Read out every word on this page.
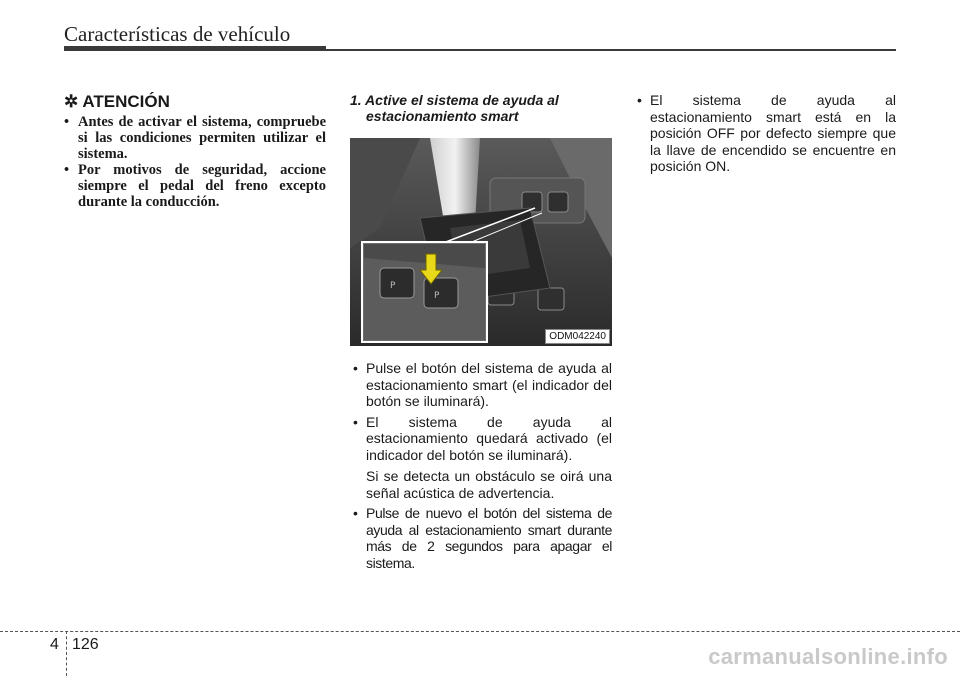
Características de vehículo
✲ ATENCIÓN
• Antes de activar el sistema, compruebe si las condiciones permiten utilizar el sistema.
• Por motivos de seguridad, accione siempre el pedal del freno excepto durante la conducción.
1. Active el sistema de ayuda al estacionamiento smart
P
P
ODM042240
• Pulse el botón del sistema de ayuda al estacionamiento smart (el indicador del botón se iluminará).
• El sistema de ayuda al estacionamiento quedará activado (el indicador del botón se iluminará).
Si se detecta un obstáculo se oirá una señal acústica de advertencia.
• Pulse de nuevo el botón del sistema de ayuda al estacionamiento smart durante más de 2 segundos para apagar el sistema.
• El sistema de ayuda al estacionamiento smart está en la posición OFF por defecto siempre que la llave de encendido se encuentre en posición ON.
4 126	carmanualsonline.info
